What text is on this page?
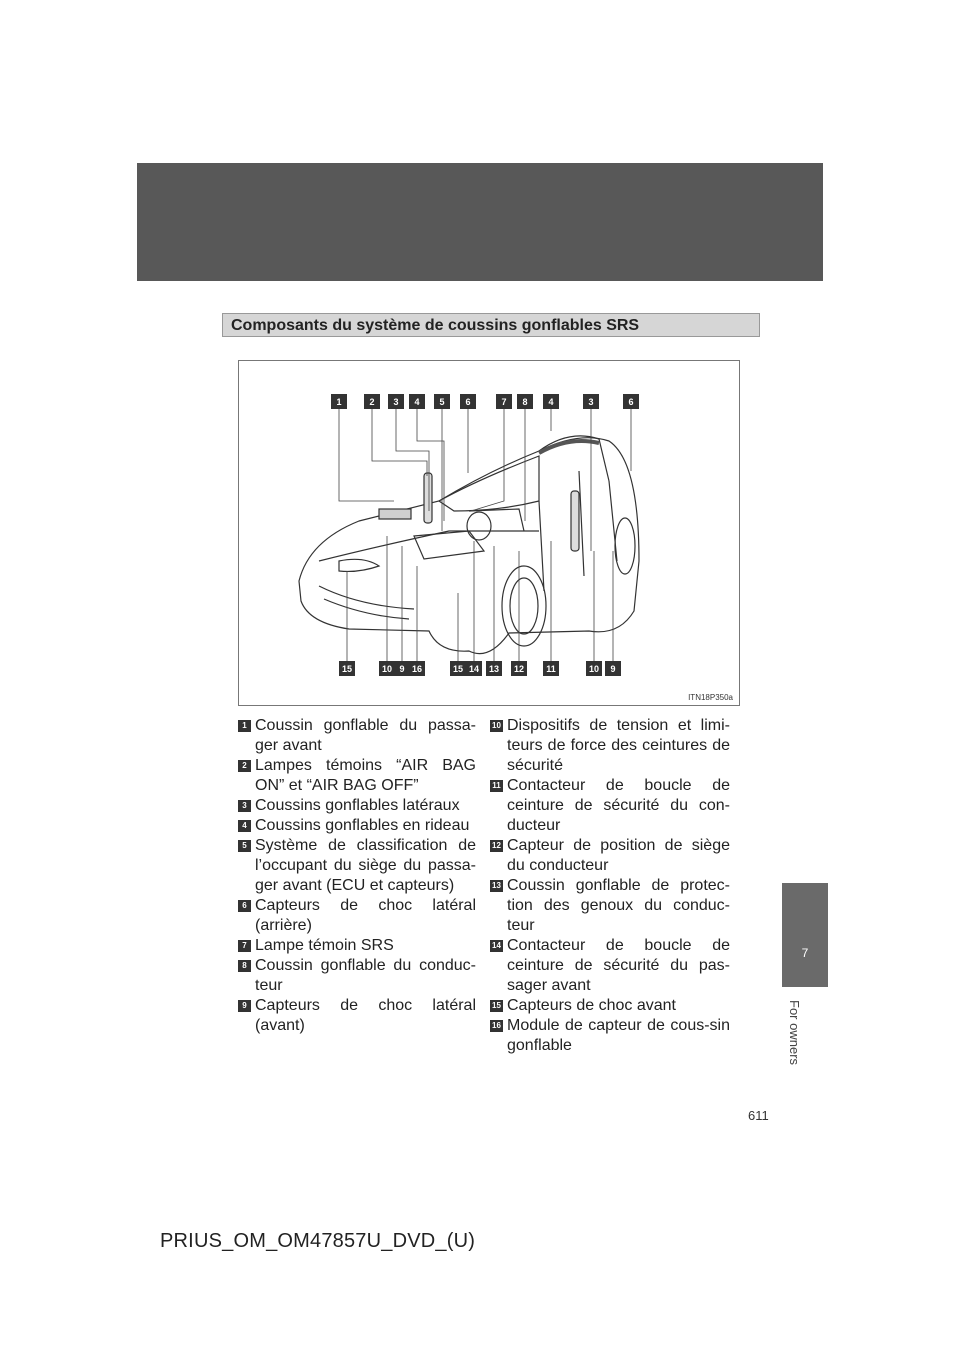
Composants du système de coussins gonflables SRS
1	2 3 4 5 6	7 8 4	3	6
15	10 9 16	15 14 13 12 11	10 9
ITN18P350a
1 Coussin gonflable du passa-ger avant
2 Lampes témoins “AIR BAG ON” et “AIR BAG OFF”
3 Coussins gonflables latéraux
4 Coussins gonflables en rideau
5 Système de classification de l’occupant du siège du passa-ger avant (ECU et capteurs)
6 Capteurs de choc latéral (arrière)
7 Lampe témoin SRS
8 Coussin gonflable du conduc-teur
9 Capteurs de choc latéral (avant)
10 Dispositifs de tension et limi-teurs de force des ceintures de sécurité
11 Contacteur de boucle de ceinture de sécurité du con-ducteur
12 Capteur de position de siège du conducteur
13 Coussin gonflable de protec-tion des genoux du conduc-teur
14 Contacteur de boucle de ceinture de sécurité du pas-sager avant
15 Capteurs de choc avant
16 Module de capteur de cous-sin gonflable
7
For owners
611
PRIUS_OM_OM47857U_DVD_(U)
